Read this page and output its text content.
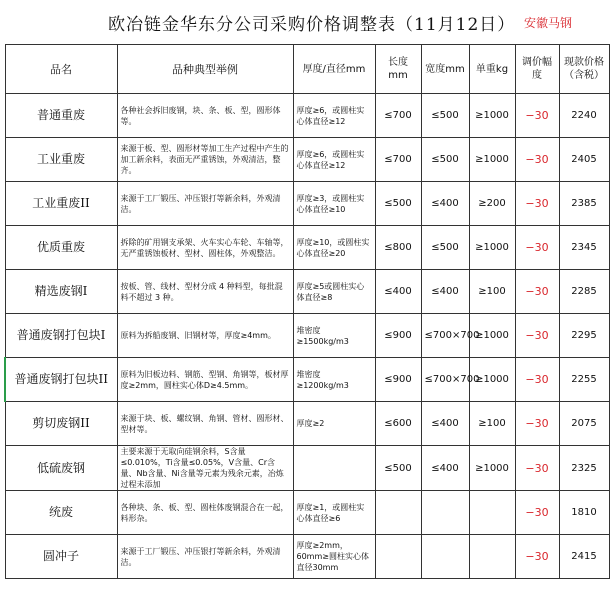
欧冶链金华东分公司采购价格调整表（11月12日） 安徽马钢
品名	品种典型举例	厚度/直径mm	长度mm	宽度mm	单重kg	调价幅度	现款价格（含税）
普通重废	各种社会拆旧废钢，块、条、板、型，圆形体等。	厚度≥6，或圆柱实心体直径≥12	≤700	≤500	≥1000	−30	2240
工业重废	来源于板、型、圆形材等加工生产过程中产生的加工新余料，表面无严重锈蚀，外观清洁，整齐。	厚度≥6，或圆柱实心体直径≥12	≤700	≤500	≥1000	−30	2405
工业重废II	来源于工厂锻压、冲压银打等新余料，外观清洁。	厚度≥3，或圆柱实心体直径≥10	≤500	≤400	≥200	−30	2385
优质重废	拆除的矿用钢支承架、火车实心车轮、车轴等，无严重锈蚀板材、型材、圆柱体，外观整洁。	厚度≥10，或圆柱实心体直径≥20	≤800	≤500	≥1000	−30	2345
精选废钢I	按板、管、线材、型材分成 4 种料型，每批混料不超过 3 种。	厚度≥5或圆柱实心体直径≥8	≤400	≤400	≥100	−30	2285
普通废钢打包块I	原料为拆船废钢、旧钢材等，厚度≥4mm。	堆密度≥1500kg/m3	≤900	≤700×700	≥1000	−30	2295
普通废钢打包块II	原料为旧板边料、钢筋、型钢、角钢等，板材厚度≥2mm，圆柱实心体D≥4.5mm。	堆密度≥1200kg/m3	≤900	≤700×700	≥1000	−30	2255
剪切废钢II	来源于块、板、螺纹钢、角钢、管材、圆形材、型材等。	厚度≥2	≤600	≤400	≥100	−30	2075
低硫废钢	主要来源于无取向硅钢余料，S含量≤0.010%，Ti含量≤0.05%，V含量、Cr含量、Nb含量、Ni含量等元素为残余元素，冶炼过程未添加		≤500	≤400	≥1000	−30	2325
统废	各种块、条、板、型、圆柱体废钢混合在一起，料形杂。	厚度≥1，或圆柱实心体直径≥6				−30	1810
圆冲子	来源于工厂锻压、冲压银打等新余料，外观清洁。	厚度≥2mm，60mm≥圆柱实心体直径30mm				−30	2415
